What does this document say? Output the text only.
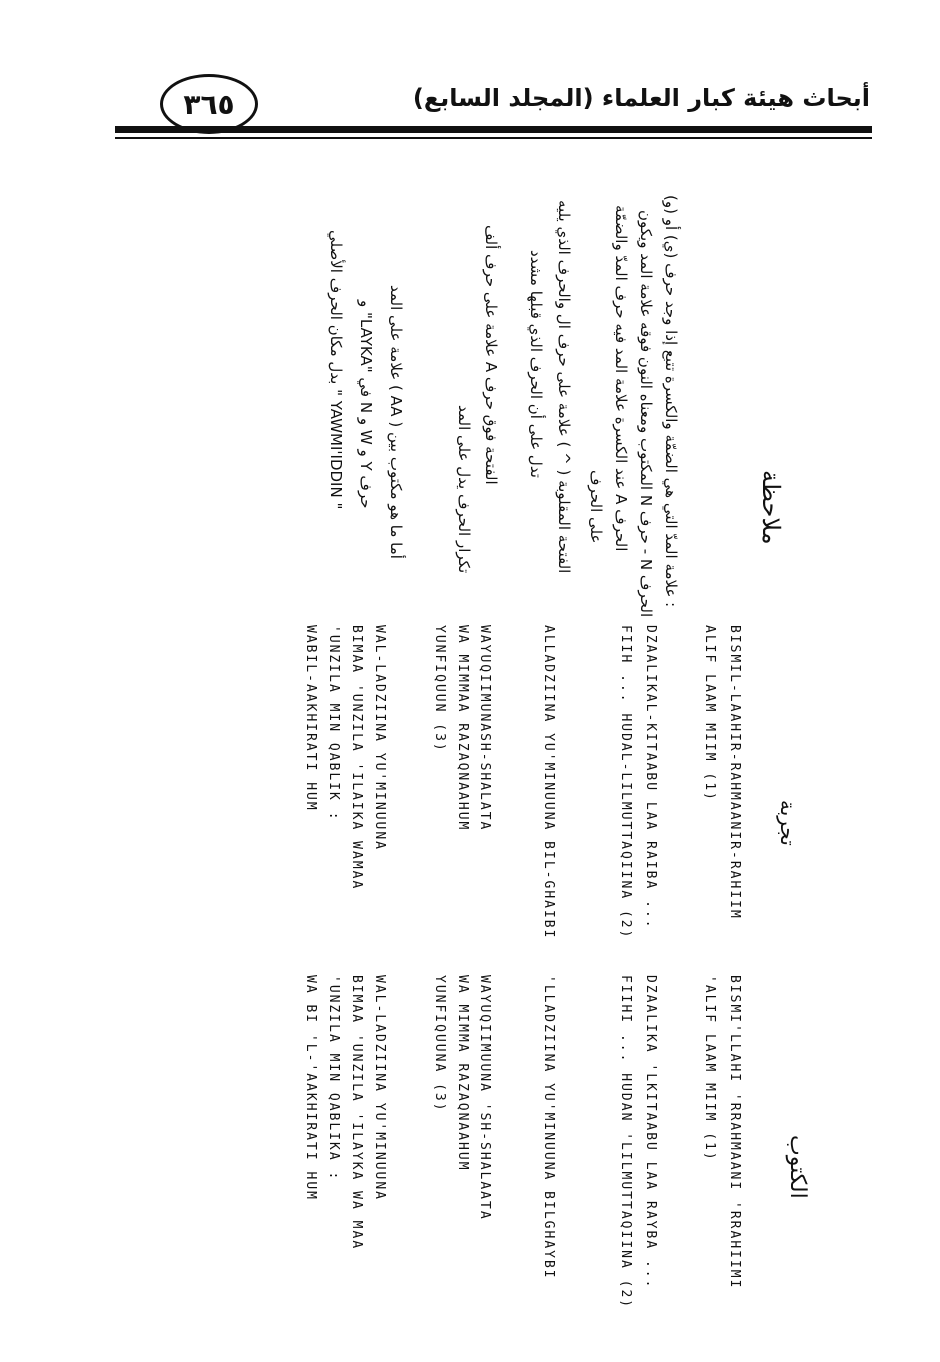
أبحاث هيئة كبار العلماء (المجلد السابع)
٣٦٥
ملاحظة
: علامة المدّ التي هي الضمّة والكسرة تتبع إذا وجد حرف (ي) أو (و)
الحرف N - حرف N المكتوب ومعناه النون فوقه علامة المد ويكون
الحرف A عند الكسرة علامة المد فيه حرف المدّ والضمّة
على الحرف
الفتحة المقلوبة ( ^ ) علامة على حرف ال والحرف الذي يليه
تدل على أن الحرف الذي قبلها مشدد
الفتحة فوق حرف A علامة على حرف ألف
تكرار الحرف يدل على المد
أما ما هو مكتوب بين ( AA ) علامة على المد
حرف Y و W و N في "LAYKA" و
" YAWMI'IDDIN " بدل مكان الحرف الأصلي
تجربة
BISMIL-LAAHIR-RAHMAANIR-RAHIIM
ALIF LAAM MIIM (1)
DZAALIKAL-KITAABU LAA RAIBA ...
FIIH ... HUDAL-LILMUTTAQIINA (2)
ALLADZIINA YU'MINUUNA BIL-GHAIBI
WAYUQIIMUNASH-SHALATA
WA MIMMAA RAZAQNAAHUM
YUNFIQUUN (3)
WAL-LADZIINA YU'MINUUNA
BIMAA 'UNZILA 'ILAIKA WAMAA
'UNZILA MIN QABLIK :
WABIL-AAKHIRATI HUM
الكتوب
BISMI'LLAHI 'RRAHMAANI 'RRAHIIMI
'ALIF LAAM MIIM (1)
DZAALIKA 'LKITAABU LAA RAYBA ...
FIIHI ... HUDAN 'LILMUTTAQIINA (2)
'LLADZIINA YU'MINUUNA BILGHAYBI
WAYUQIIMUUNA 'SH-SHALAATA
WA MIMMA RAZAQNAAHUM
YUNFIQUUNA (3)
WAL-LADZIINA YU'MINUUNA
BIMAA 'UNZILA 'ILAYKA WA MAA
'UNZILA MIN QABLIKA :
WA BI 'L-'AAKHIRATI HUM
